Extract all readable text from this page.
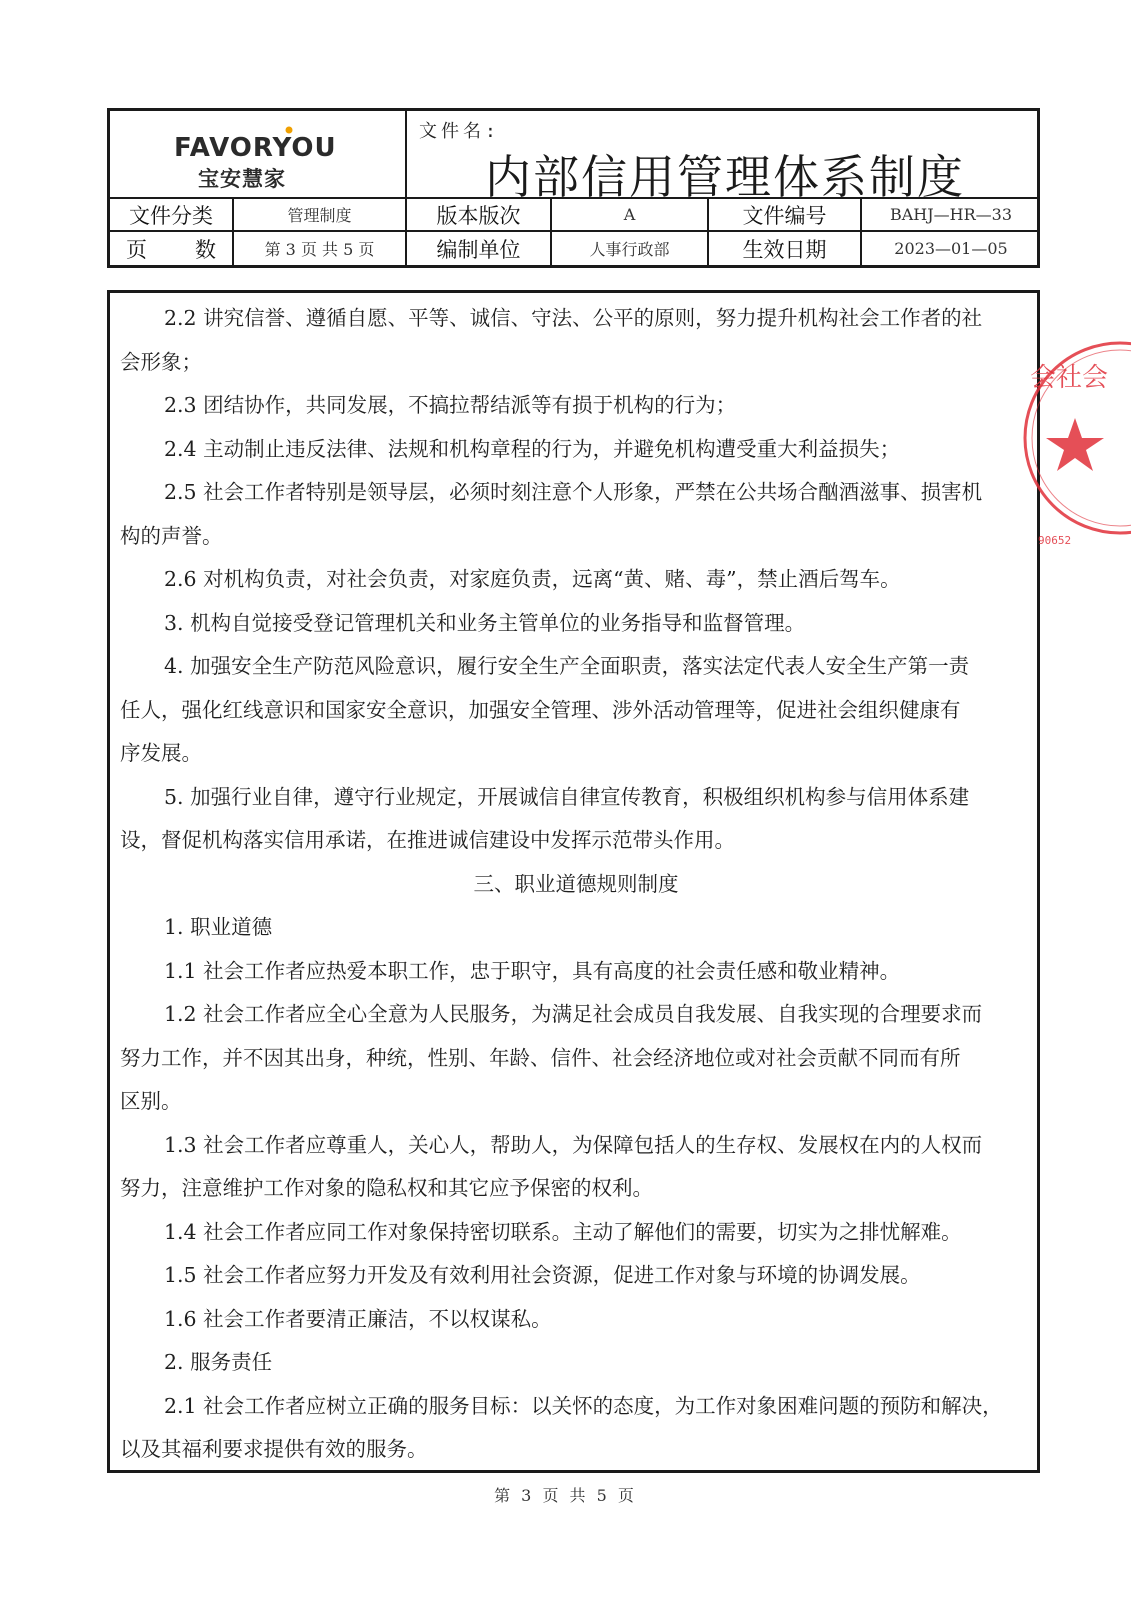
FAVORYOU
宝安慧家
文件名:
内部信用管理体系制度
文件分类	管理制度	版本版次	A	文件编号	BAHJ—HR—33
页 数	第 3 页 共 5 页	编制单位	人事行政部	生效日期	2023—01—05

2.2 讲究信誉、遵循自愿、平等、诚信、守法、公平的原则，努力提升机构社会工作者的社

会形象；

2.3 团结协作，共同发展，不搞拉帮结派等有损于机构的行为；

2.4 主动制止违反法律、法规和机构章程的行为，并避免机构遭受重大利益损失；

2.5 社会工作者特别是领导层，必须时刻注意个人形象，严禁在公共场合酗酒滋事、损害机

构的声誉。

2.6 对机构负责，对社会负责，对家庭负责，远离“黄、赌、毒”，禁止酒后驾车。

3. 机构自觉接受登记管理机关和业务主管单位的业务指导和监督管理。

4. 加强安全生产防范风险意识，履行安全生产全面职责，落实法定代表人安全生产第一责

任人，强化红线意识和国家安全意识，加强安全管理、涉外活动管理等，促进社会组织健康有

序发展。

5. 加强行业自律，遵守行业规定，开展诚信自律宣传教育，积极组织机构参与信用体系建

设，督促机构落实信用承诺，在推进诚信建设中发挥示范带头作用。

三、职业道德规则制度

1. 职业道德

1.1 社会工作者应热爱本职工作，忠于职守，具有高度的社会责任感和敬业精神。

1.2 社会工作者应全心全意为人民服务，为满足社会成员自我发展、自我实现的合理要求而

努力工作，并不因其出身，种统，性别、年龄、信件、社会经济地位或对社会贡献不同而有所

区别。

1.3 社会工作者应尊重人，关心人，帮助人，为保障包括人的生存权、发展权在内的人权而

努力，注意维护工作对象的隐私权和其它应予保密的权利。

1.4 社会工作者应同工作对象保持密切联系。主动了解他们的需要，切实为之排忧解难。

1.5 社会工作者应努力开发及有效利用社会资源，促进工作对象与环境的协调发展。

1.6 社会工作者要清正廉洁，不以权谋私。

2. 服务责任

2.1 社会工作者应树立正确的服务目标：以关怀的态度，为工作对象困难问题的预防和解决，

以及其福利要求提供有效的服务。

会社会
90652
第 3 页 共 5 页
